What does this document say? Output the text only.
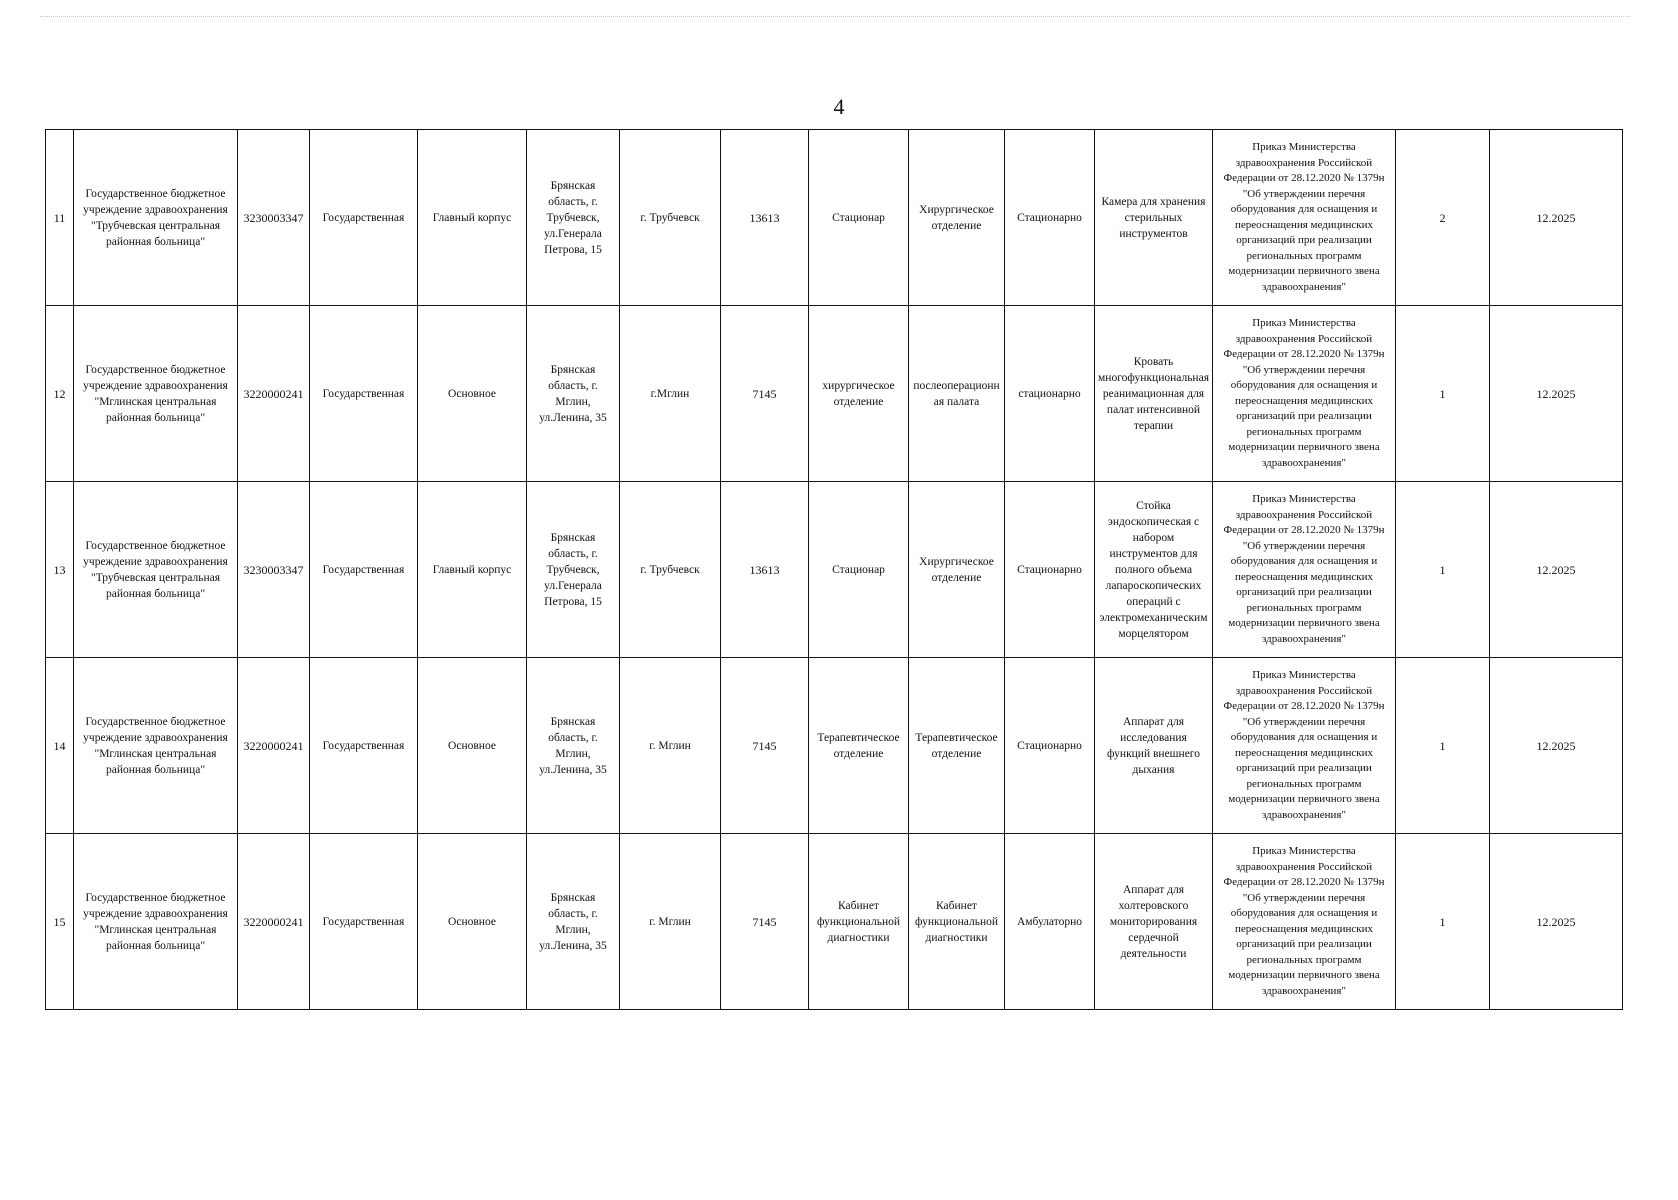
4
11	Государственное бюджетное учреждение здравоохранения "Трубчевская центральная районная больница"	3230003347	Государственная	Главный корпус	Брянская область, г. Трубчевск, ул.Генерала Петрова, 15	г. Трубчевск	13613	Стационар	Хирургическое отделение	Стационарно	Камера для хранения стерильных инструментов	Приказ Министерства здравоохранения Российской Федерации от 28.12.2020 № 1379н "Об утверждении перечня оборудования для оснащения и переоснащения медицинских организаций при реализации региональных программ модернизации первичного звена здравоохранения"	2	12.2025
12	Государственное бюджетное учреждение здравоохранения "Мглинская центральная районная больница"	3220000241	Государственная	Основное	Брянская область, г. Мглин, ул.Ленина, 35	г.Мглин	7145	хирургическое отделение	послеоперационная палата	стационарно	Кровать многофункциональная реанимационная для палат интенсивной терапии	Приказ Министерства здравоохранения Российской Федерации от 28.12.2020 № 1379н "Об утверждении перечня оборудования для оснащения и переоснащения медицинских организаций при реализации региональных программ модернизации первичного звена здравоохранения"	1	12.2025
13	Государственное бюджетное учреждение здравоохранения "Трубчевская центральная районная больница"	3230003347	Государственная	Главный корпус	Брянская область, г. Трубчевск, ул.Генерала Петрова, 15	г. Трубчевск	13613	Стационар	Хирургическое отделение	Стационарно	Стойка эндоскопическая с набором инструментов для полного объема лапароскопических операций с электромеханическим морцелятором	Приказ Министерства здравоохранения Российской Федерации от 28.12.2020 № 1379н "Об утверждении перечня оборудования для оснащения и переоснащения медицинских организаций при реализации региональных программ модернизации первичного звена здравоохранения"	1	12.2025
14	Государственное бюджетное учреждение здравоохранения "Мглинская центральная районная больница"	3220000241	Государственная	Основное	Брянская область, г. Мглин, ул.Ленина, 35	г. Мглин	7145	Терапевтическое отделение	Терапевтическое отделение	Стационарно	Аппарат для исследования функций внешнего дыхания	Приказ Министерства здравоохранения Российской Федерации от 28.12.2020 № 1379н "Об утверждении перечня оборудования для оснащения и переоснащения медицинских организаций при реализации региональных программ модернизации первичного звена здравоохранения"	1	12.2025
15	Государственное бюджетное учреждение здравоохранения "Мглинская центральная районная больница"	3220000241	Государственная	Основное	Брянская область, г. Мглин, ул.Ленина, 35	г. Мглин	7145	Кабинет функциональной диагностики	Кабинет функциональной диагностики	Амбулаторно	Аппарат для холтеровского мониторирования сердечной деятельности	Приказ Министерства здравоохранения Российской Федерации от 28.12.2020 № 1379н "Об утверждении перечня оборудования для оснащения и переоснащения медицинских организаций при реализации региональных программ модернизации первичного звена здравоохранения"	1	12.2025
